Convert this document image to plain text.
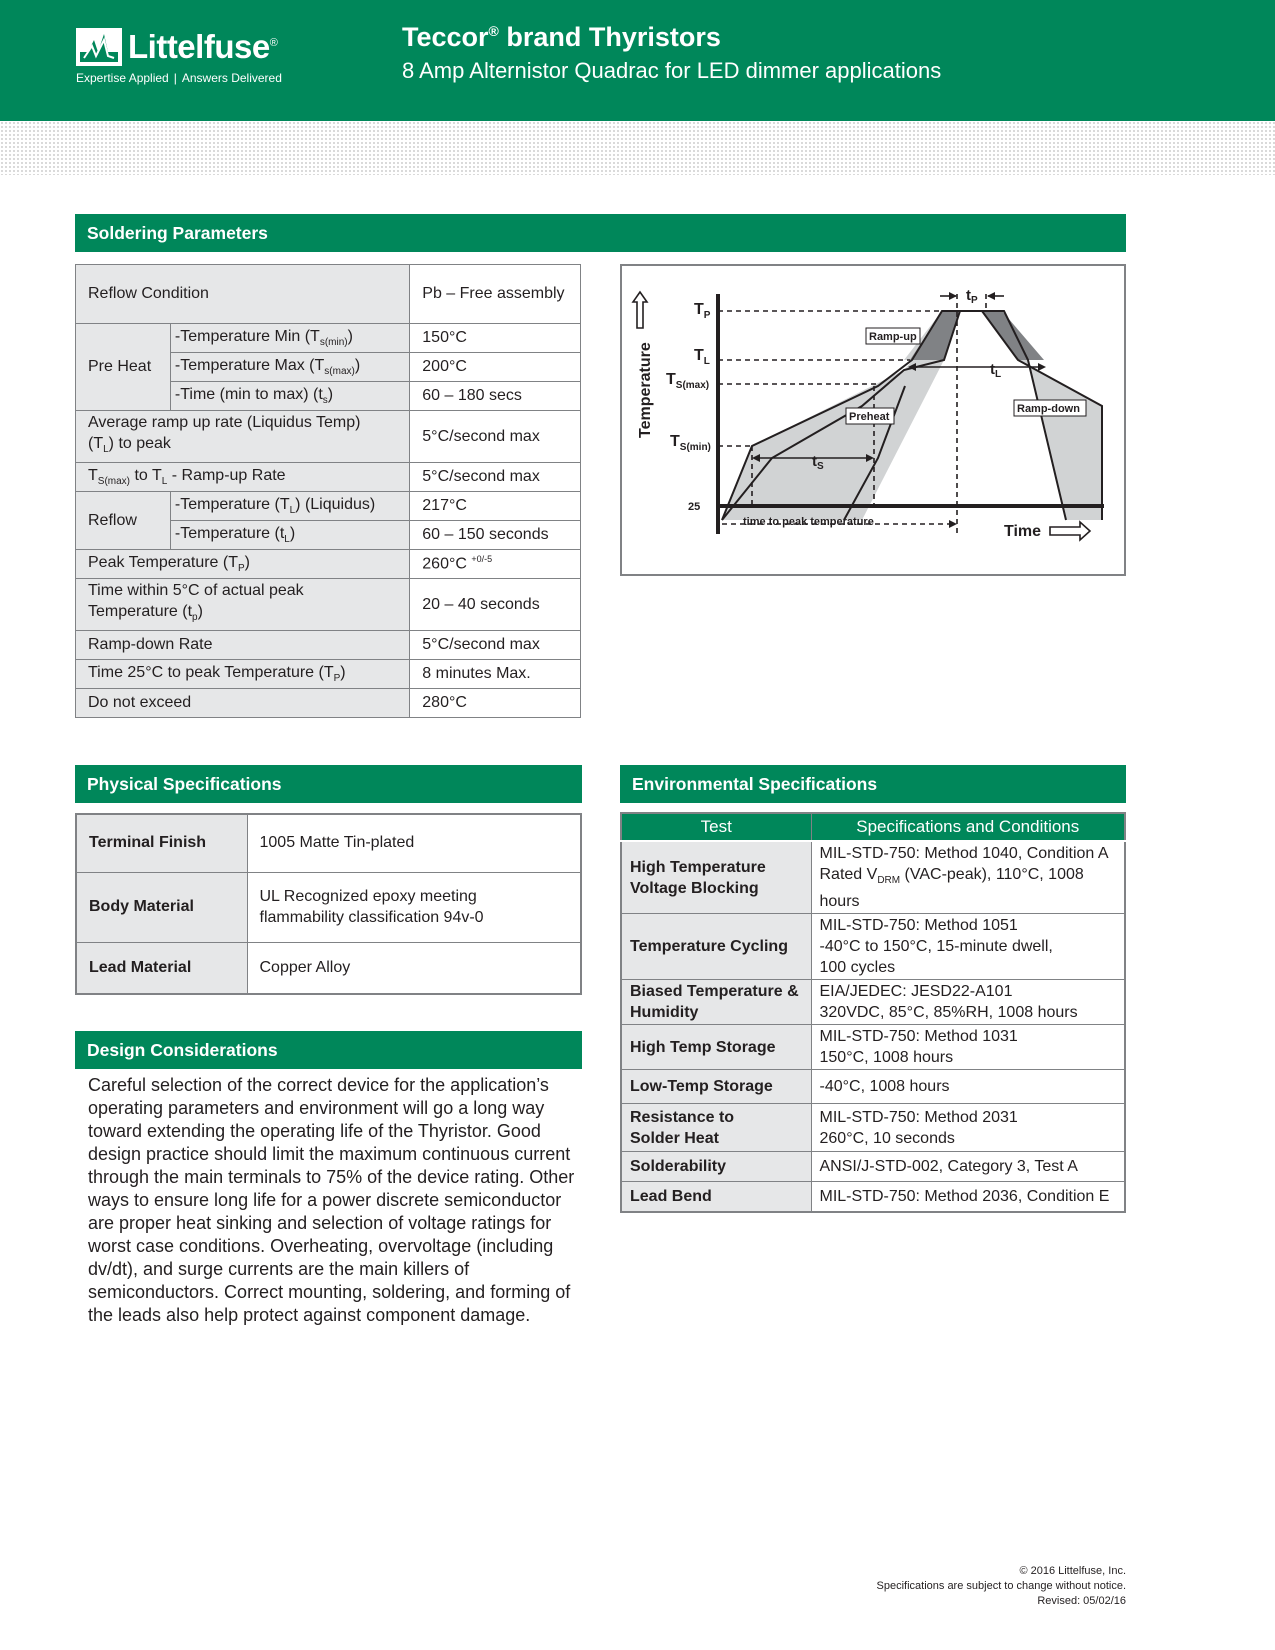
Littelfuse®
Expertise Applied | Answers Delivered
Teccor® brand Thyristors
8 Amp Alternistor Quadrac for LED dimmer applications
Soldering Parameters
Reflow Condition		Pb – Free assembly
Pre Heat	-Temperature Min $(T_{s(min)})$	150°C
	-Temperature Max $(T_{s(max)})$	200°C
	-Time (min to max) $(t_s)$	60 – 180 secs
Average ramp up rate (Liquidus Temp)
$(T_L)$ to peak		5°C/second max
$T_{S(max)}$ to $T_L$ - Ramp-up Rate		5°C/second max
Reflow	-Temperature $(T_L)$ (Liquidus)	217°C
	-Temperature $(t_L)$	60 – 150 seconds
Peak Temperature $(T_P)$		260°C $^{+0/-5}$
Time within 5°C of actual peak
Temperature $(t_p)$		20 – 40 seconds
Ramp-down Rate		5°C/second max
Time 25°C to peak Temperature $(T_P)$		8 minutes Max.
Do not exceed		280°C
Temperature
Time
$T_P$
$T_L$
$T_{S(max)}$
$T_{S(min)}$
25
$t_P$
$t_L$
$t_S$
Ramp-up
Preheat
Ramp-down
time to peak temperature
Physical Specifications
Terminal Finish	1005 Matte Tin-plated
Body Material	UL Recognized epoxy meeting
flammability classification 94v-0
Lead Material	Copper Alloy
Design Considerations
Careful selection of the correct device for the application’s operating parameters and environment will go a long way toward extending the operating life of the Thyristor. Good design practice should limit the maximum continuous current through the main terminals to 75% of the device rating. Other ways to ensure long life for a power discrete semiconductor are proper heat sinking and selection of voltage ratings for worst case conditions. Overheating, overvoltage (including dv/dt), and surge currents are the main killers of semiconductors. Correct mounting, soldering, and forming of the leads also help protect against component damage.
Environmental Specifications
Test	Specifications and Conditions
High Temperature
Voltage Blocking	MIL-STD-750: Method 1040, Condition A
Rated $V_{DRM}$ (VAC-peak), 110°C, 1008
hours
Temperature Cycling	MIL-STD-750: Method 1051
-40°C to 150°C, 15-minute dwell,
100 cycles
Biased Temperature &
Humidity	EIA/JEDEC: JESD22-A101
320VDC, 85°C, 85%RH, 1008 hours
High Temp Storage	MIL-STD-750: Method 1031
150°C, 1008 hours
Low-Temp Storage	-40°C, 1008 hours
Resistance to
Solder Heat	MIL-STD-750: Method 2031
260°C, 10 seconds
Solderability	ANSI/J-STD-002, Category 3, Test A
Lead Bend	MIL-STD-750: Method 2036, Condition E
© 2016 Littelfuse, Inc.
Specifications are subject to change without notice.
Revised: 05/02/16
